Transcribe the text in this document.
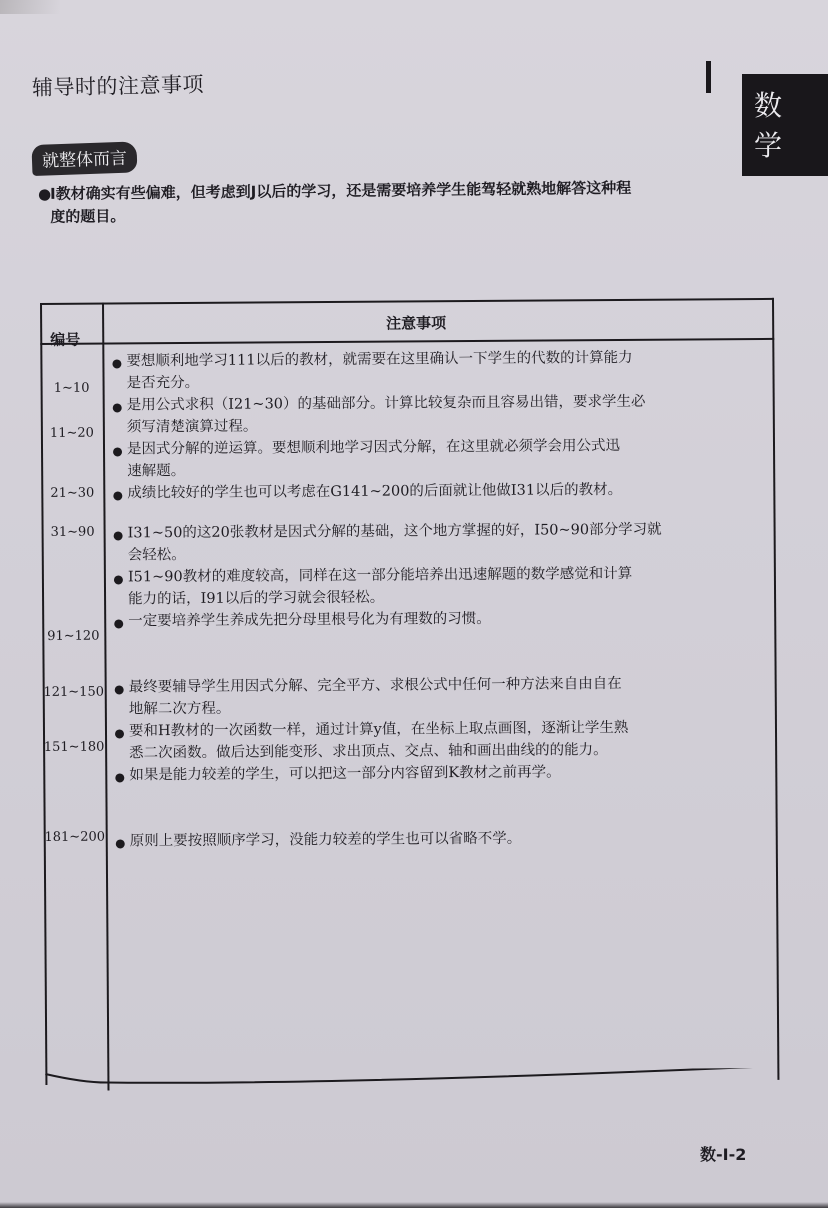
辅导时的注意事项
数
学
就整体而言
●I教材确实有些偏难，但考虑到J以后的学习，还是需要培养学生能驾轻就熟地解答这种程
度的题目。
编号
注意事项
1~10
11~20
21~30
31~90
91~120
121~150
151~180
181~200
要想顺利地学习111以后的教材，就需要在这里确认一下学生的代数的计算能力
是否充分。
是用公式求积（I21~30）的基础部分。计算比较复杂而且容易出错，要求学生必
须写清楚演算过程。
是因式分解的逆运算。要想顺利地学习因式分解，在这里就必须学会用公式迅
速解题。
成绩比较好的学生也可以考虑在G141~200的后面就让他做I31以后的教材。
I31~50的这20张教材是因式分解的基础，这个地方掌握的好，I50~90部分学习就
会轻松。
I51~90教材的难度较高，同样在这一部分能培养出迅速解题的数学感觉和计算
能力的话，I91以后的学习就会很轻松。
一定要培养学生养成先把分母里根号化为有理数的习惯。
最终要辅导学生用因式分解、完全平方、求根公式中任何一种方法来自由自在
地解二次方程。
要和H教材的一次函数一样，通过计算y值，在坐标上取点画图，逐渐让学生熟
悉二次函数。做后达到能变形、求出顶点、交点、轴和画出曲线的的能力。
如果是能力较差的学生，可以把这一部分内容留到K教材之前再学。
原则上要按照顺序学习，没能力较差的学生也可以省略不学。
数-I-2
